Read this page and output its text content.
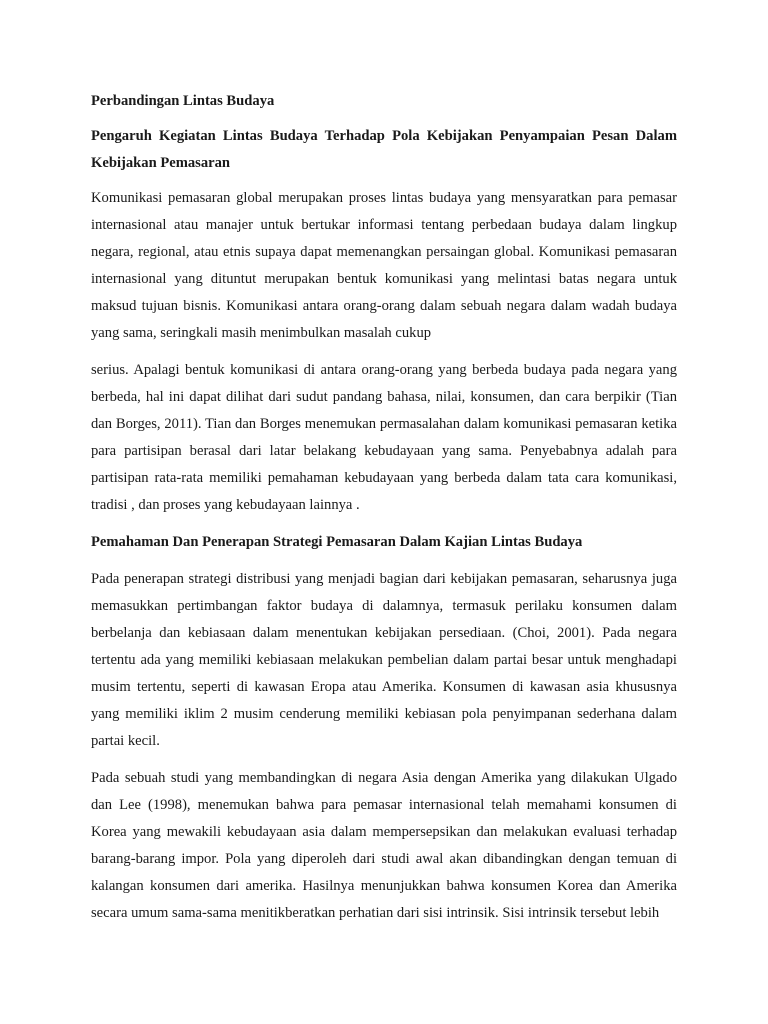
Perbandingan Lintas Budaya

Pengaruh Kegiatan Lintas Budaya Terhadap Pola Kebijakan Penyampaian Pesan Dalam Kebijakan Pemasaran

Komunikasi pemasaran global merupakan proses lintas budaya yang mensyaratkan para pemasar internasional atau manajer untuk bertukar informasi tentang perbedaan budaya dalam lingkup negara, regional, atau etnis supaya dapat memenangkan persaingan global. Komunikasi pemasaran internasional yang dituntut merupakan bentuk komunikasi yang melintasi batas negara untuk maksud tujuan bisnis. Komunikasi antara orang-orang dalam sebuah negara dalam wadah budaya yang sama, seringkali masih menimbulkan masalah cukup

serius. Apalagi bentuk komunikasi di antara orang-orang yang berbeda budaya pada negara yang berbeda, hal ini dapat dilihat dari sudut pandang bahasa, nilai, konsumen, dan cara berpikir (Tian dan Borges, 2011). Tian dan Borges menemukan permasalahan dalam komunikasi pemasaran ketika para partisipan berasal dari latar belakang kebudayaan yang sama. Penyebabnya adalah para partisipan rata-rata memiliki pemahaman kebudayaan yang berbeda dalam tata cara komunikasi, tradisi , dan proses yang kebudayaan lainnya .

Pemahaman Dan Penerapan Strategi Pemasaran Dalam Kajian Lintas Budaya

Pada penerapan strategi distribusi yang menjadi bagian dari kebijakan pemasaran, seharusnya juga memasukkan pertimbangan faktor budaya di dalamnya, termasuk perilaku konsumen dalam berbelanja dan kebiasaan dalam menentukan kebijakan persediaan. (Choi, 2001). Pada negara tertentu ada yang memiliki kebiasaan melakukan pembelian dalam partai besar untuk menghadapi musim tertentu, seperti di kawasan Eropa atau Amerika. Konsumen di kawasan asia khususnya yang memiliki iklim 2 musim cenderung memiliki kebiasan pola penyimpanan sederhana dalam partai kecil.

Pada sebuah studi yang membandingkan di negara Asia dengan Amerika yang dilakukan Ulgado dan Lee (1998), menemukan bahwa para pemasar internasional telah memahami konsumen di Korea yang mewakili kebudayaan asia dalam mempersepsikan dan melakukan evaluasi terhadap barang-barang impor. Pola yang diperoleh dari studi awal akan dibandingkan dengan temuan di kalangan konsumen dari amerika. Hasilnya menunjukkan bahwa konsumen Korea dan Amerika secara umum sama-sama menitikberatkan perhatian dari sisi intrinsik. Sisi intrinsik tersebut lebih
